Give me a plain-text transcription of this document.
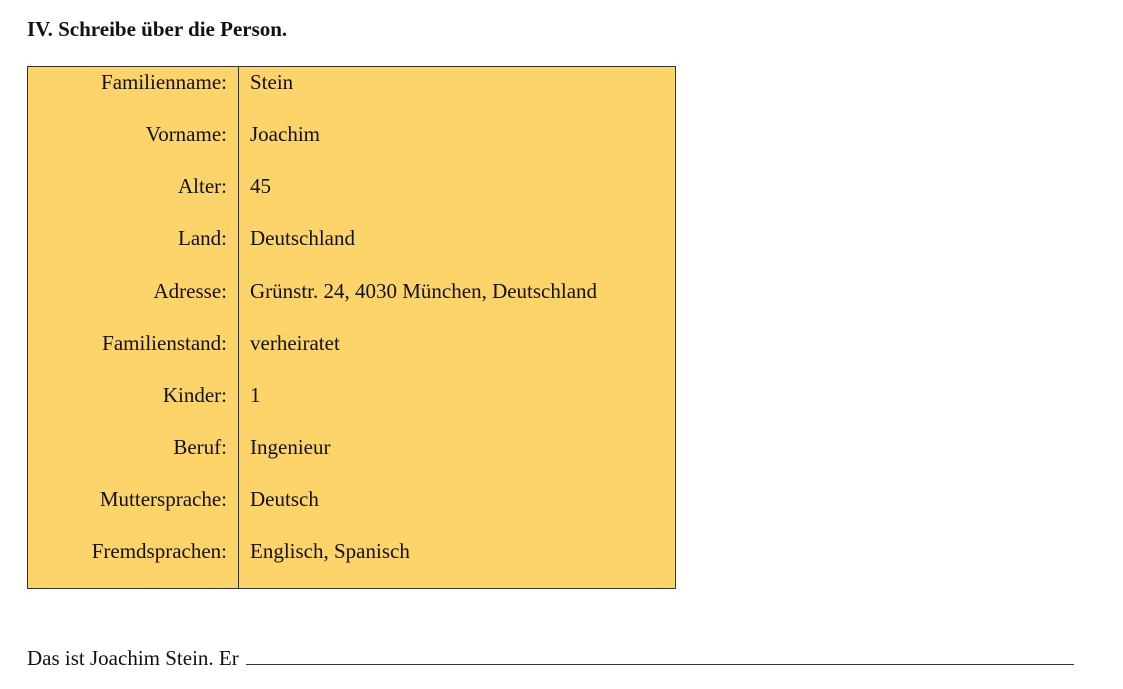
IV. Schreibe über die Person.
Familienname: Stein
Vorname: Joachim
Alter: 45
Land: Deutschland
Adresse: Grünstr. 24, 4030 München, Deutschland
Familienstand: verheiratet
Kinder: 1
Beruf: Ingenieur
Muttersprache: Deutsch
Fremdsprachen: Englisch, Spanisch
Das ist Joachim Stein. Er
